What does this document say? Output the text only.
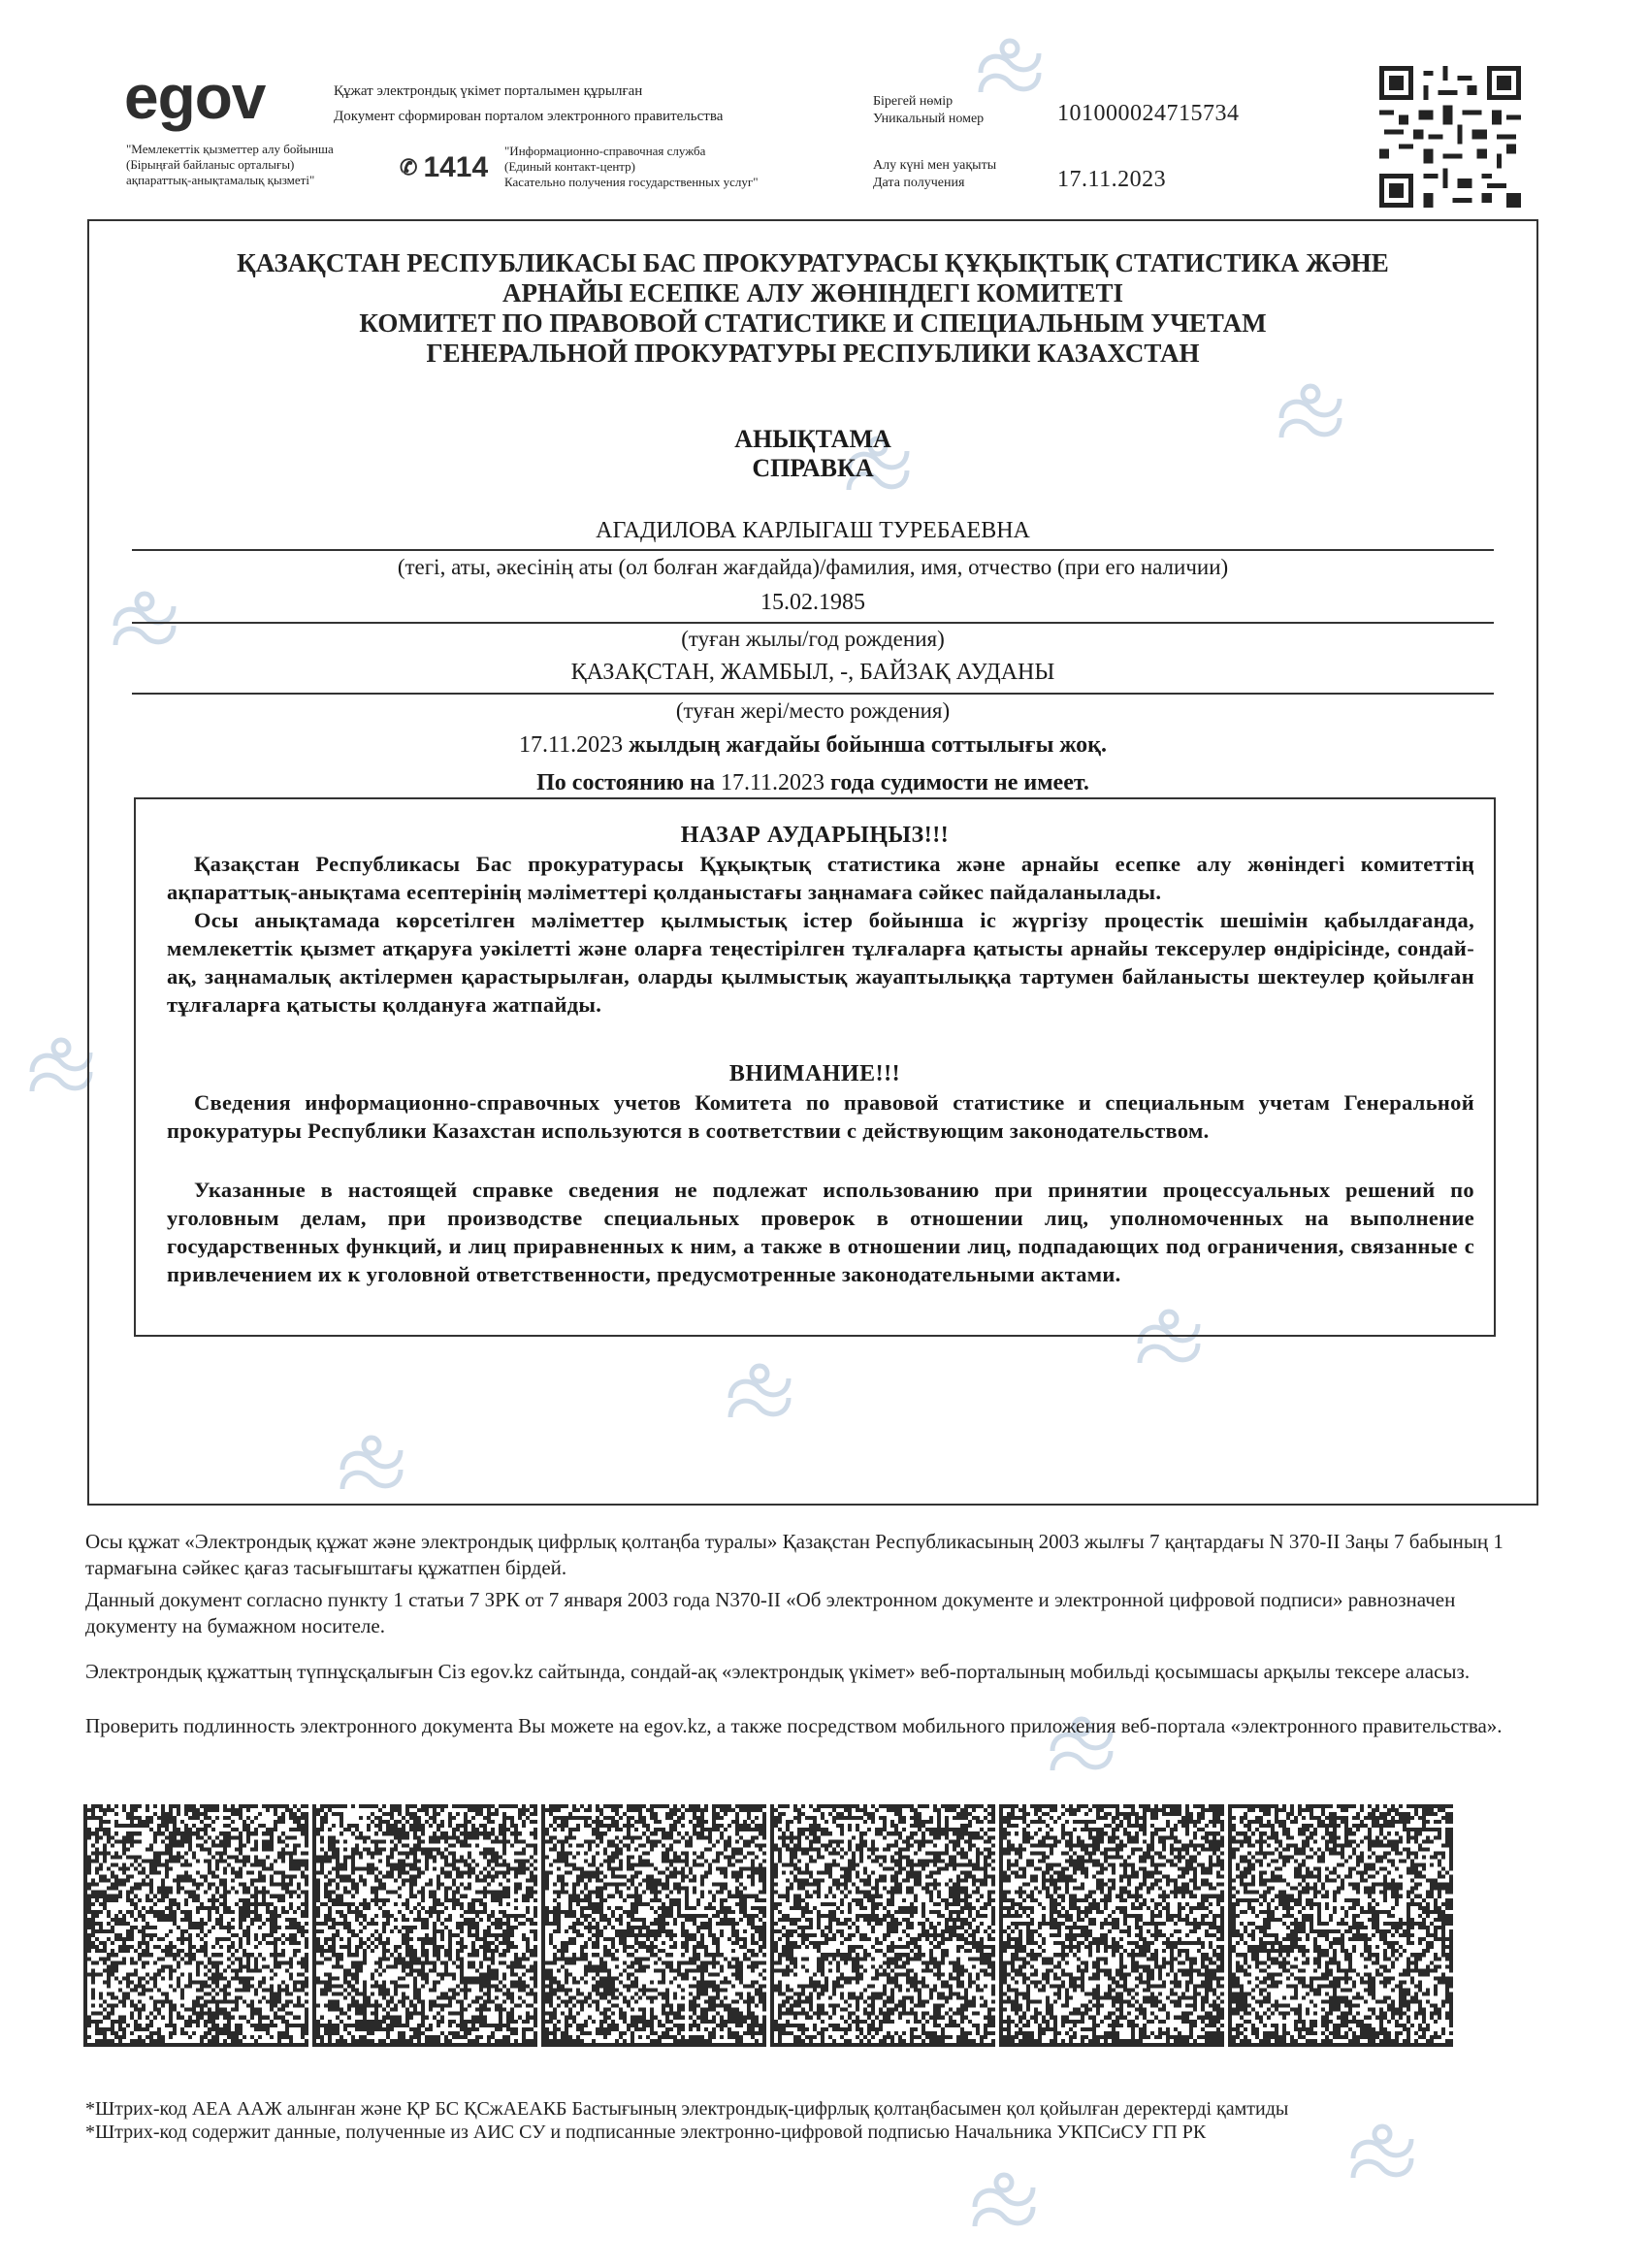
egov	Құжат электрондық үкімет порталымен құрылған
Документ сформирован порталом электронного правительства
"Мемлекеттік қызметтер алу бойынша
(Бірыңғай байланыс орталығы)
ақпараттық-анықтамалық қызметі"
✆ 1414
"Информационно-справочная служба
(Единый контакт-центр)
Касательно получения государственных услуг"
Бірегей нөмір
Уникальный номер	101000024715734
Алу күні мен уақыты
Дата получения	17.11.2023
ҚАЗАҚСТАН РЕСПУБЛИКАСЫ БАС ПРОКУРАТУРАСЫ ҚҰҚЫҚТЫҚ СТАТИСТИКА ЖӘНЕ
АРНАЙЫ ЕСЕПКЕ АЛУ ЖӨНІНДЕГІ КОМИТЕТІ
КОМИТЕТ ПО ПРАВОВОЙ СТАТИСТИКЕ И СПЕЦИАЛЬНЫМ УЧЕТАМ
ГЕНЕРАЛЬНОЙ ПРОКУРАТУРЫ РЕСПУБЛИКИ КАЗАХСТАН
АНЫҚТАМА
СПРАВКА
АГАДИЛОВА КАРЛЫГАШ ТУРЕБАЕВНА
(тегі, аты, әкесінің аты (ол болған жағдайда)/фамилия, имя, отчество (при его наличии)
15.02.1985
(туған жылы/год рождения)
ҚАЗАҚСТАН, ЖАМБЫЛ, -, БАЙЗАҚ АУДАНЫ
(туған жері/место рождения)
17.11.2023 жылдың жағдайы бойынша соттылығы жоқ.
По состоянию на 17.11.2023 года судимости не имеет.
НАЗАР АУДАРЫҢЫЗ!!!
Қазақстан Республикасы Бас прокуратурасы Құқықтық статистика және арнайы есепке алу жөніндегі комитеттің ақпараттық-анықтама есептерінің мәліметтері қолданыстағы заңнамаға сәйкес пайдаланылады.
Осы анықтамада көрсетілген мәліметтер қылмыстық істер бойынша іс жүргізу процестік шешімін қабылдағанда, мемлекеттік қызмет атқаруға уәкілетті және оларға теңестірілген тұлғаларға қатысты арнайы тексерулер өндірісінде, сондай-ақ, заңнамалық актілермен қарастырылған, оларды қылмыстық жауаптылыққа тартумен байланысты шектеулер қойылған тұлғаларға қатысты қолдануға жатпайды.
ВНИМАНИЕ!!!
Сведения информационно-справочных учетов Комитета по правовой статистике и специальным учетам Генеральной прокуратуры Республики Казахстан используются в соответствии с действующим законодательством.
Указанные в настоящей справке сведения не подлежат использованию при принятии процессуальных решений по уголовным делам, при производстве специальных проверок в отношении лиц, уполномоченных на выполнение государственных функций, и лиц приравненных к ним, а также в отношении лиц, подпадающих под ограничения, связанные с привлечением их к уголовной ответственности, предусмотренные законодательными актами.
Осы құжат «Электрондық құжат және электрондық цифрлық қолтаңба туралы» Қазақстан Республикасының 2003 жылғы 7 қаңтардағы N 370-II Заңы 7 бабының 1 тармағына сәйкес қағаз тасығыштағы құжатпен бірдей.
Данный документ согласно пункту 1 статьи 7 ЗРК от 7 января 2003 года N370-II «Об электронном документе и электронной цифровой подписи» равнозначен документу на бумажном носителе.
Электрондық құжаттың түпнұсқалығын Сіз egov.kz сайтында, сондай-ақ «электрондық үкімет» веб-порталының мобильді қосымшасы арқылы тексере аласыз.
Проверить подлинность электронного документа Вы можете на egov.kz, а также посредством мобильного приложения веб-портала «электронного правительства».
*Штрих-код АЕА ААЖ алынған және ҚР БС ҚСжАЕАКБ Бастығының электрондық-цифрлық қолтаңбасымен қол қойылған деректерді қамтиды
*Штрих-код содержит данные, полученные из АИС СУ и подписанные электронно-цифровой подписью Начальника УКПСиСУ ГП РК
